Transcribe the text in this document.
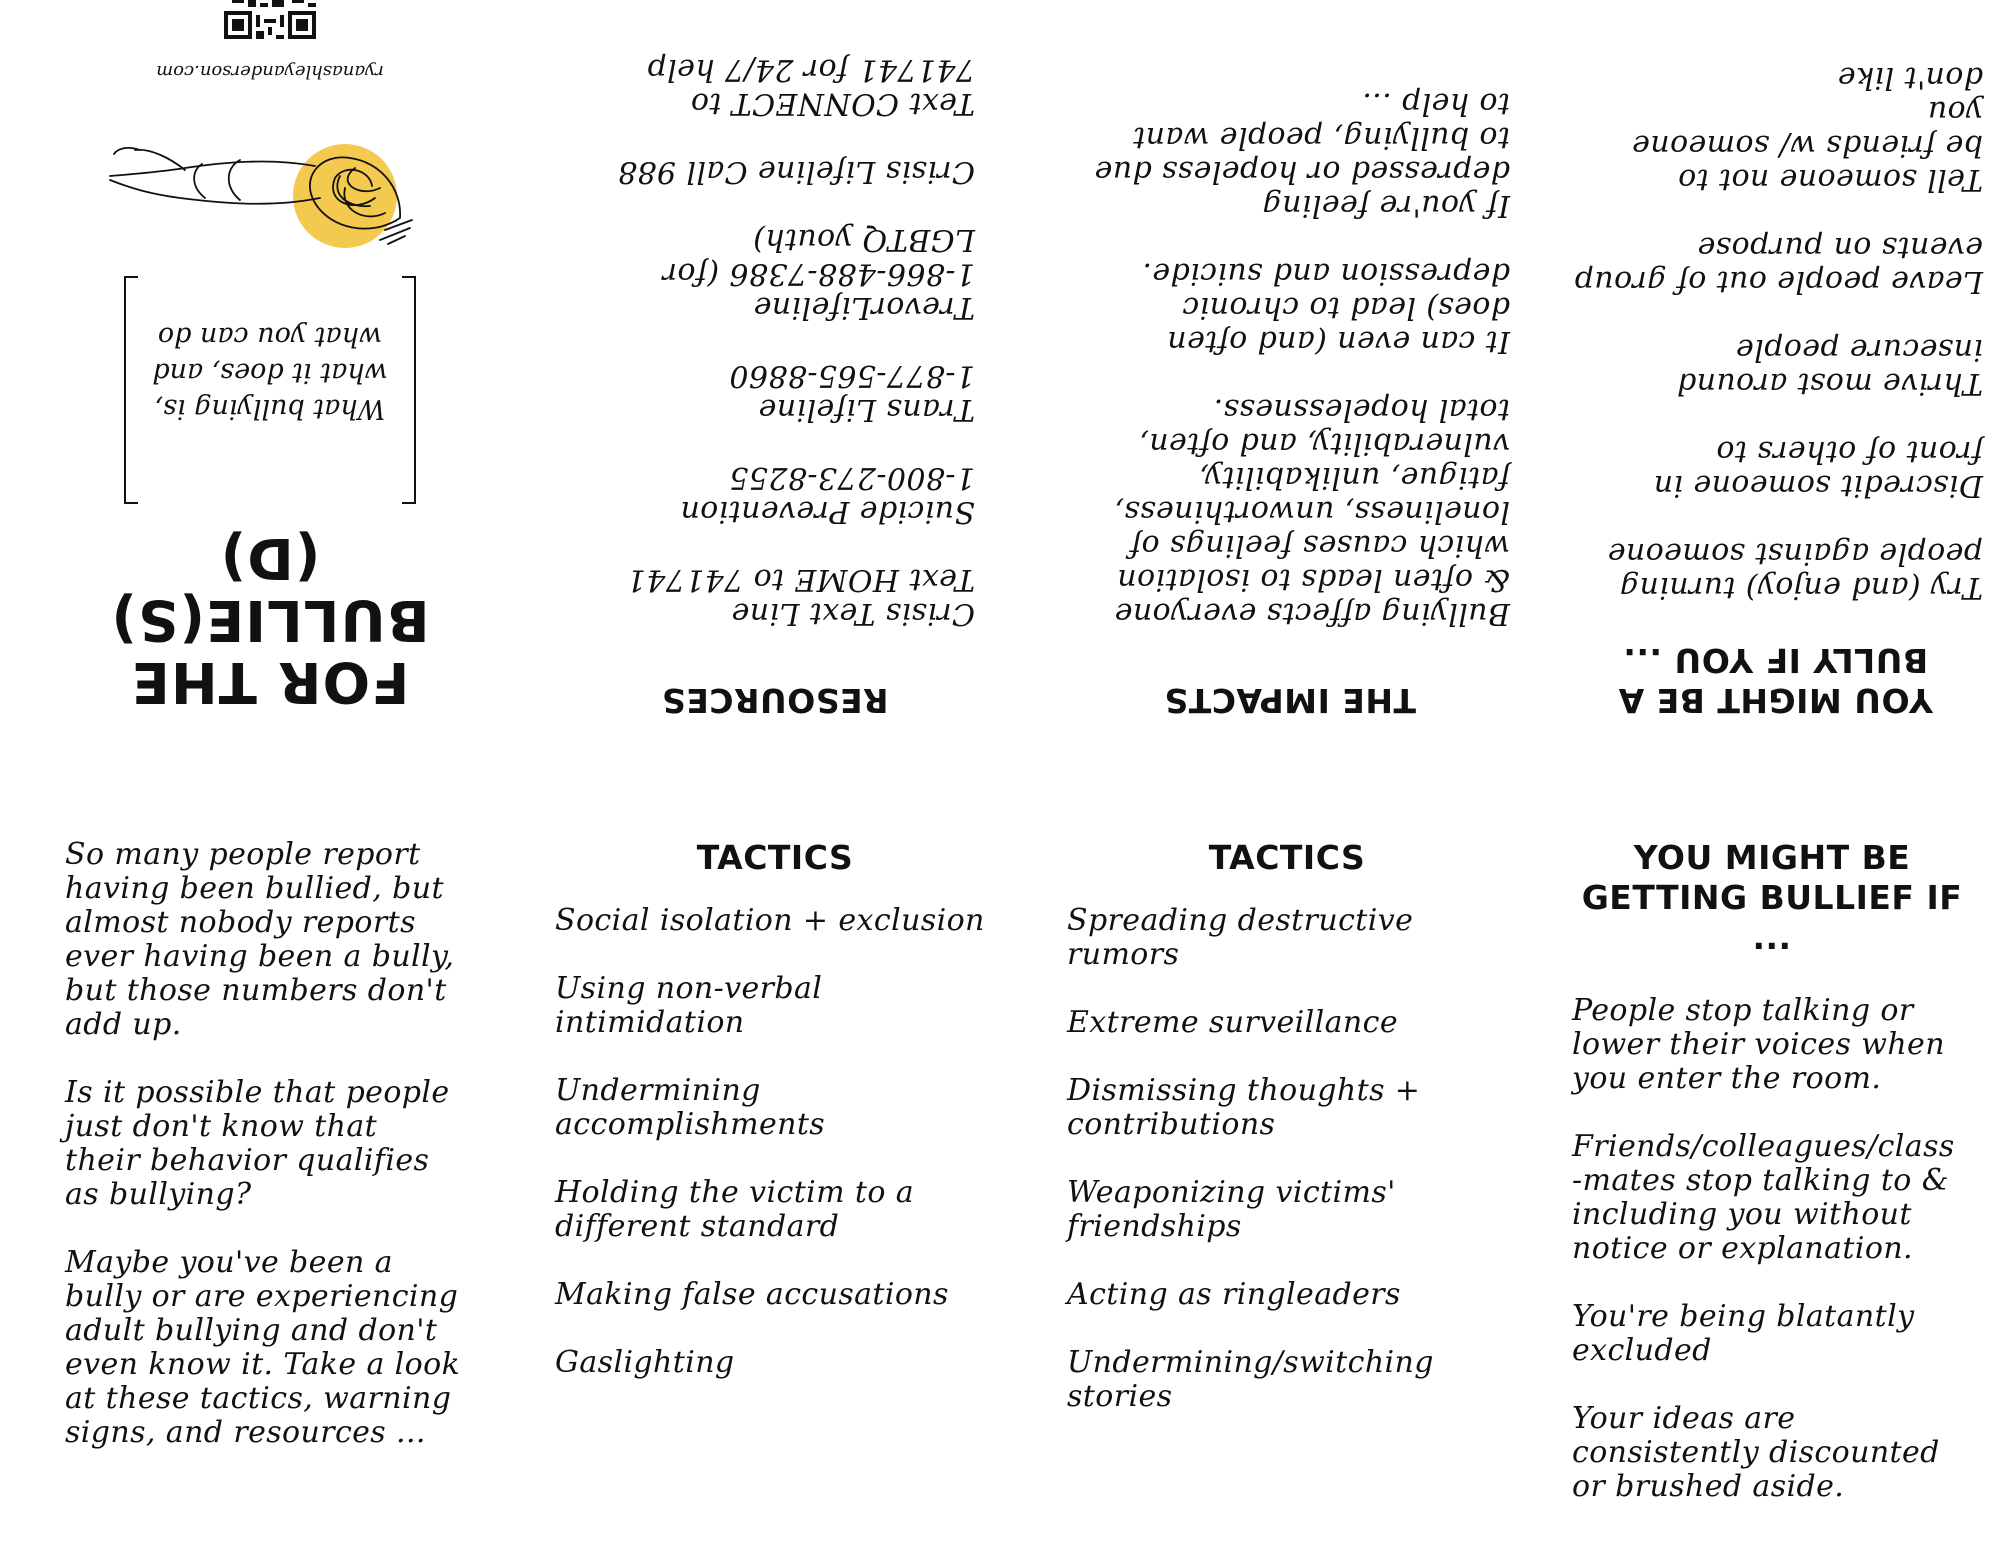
FOR THE
BULLIE(S)(D)

What bullying is,
what it does, and
what you can do

ryanashleyanderson.com
RESOURCES
Crisis Text Line
Text HOME to 741741
Suicide Prevention
1-800-273-8255
Trans Lifeline
1-877-565-8860
TrevorLifeline
1-866-488-7386 (for
LGBTQ youth)
Crisis Lifeline Call 988
Text CONNECT to
741741 for 24/7 help
THE IMPACTS
Bullying affects everyone
& often leads to isolation
which causes feelings of
loneliness, unworthiness,
fatigue, unlikability,
vulnerability, and often,
total hopelessness.
It can even (and often
does) lead to chronic
depression and suicide.
If you're feeling
depressed or hopeless due
to bullying, people want
to help ...
YOU MIGHT BE A
BULLY IF YOU ...
Try (and enjoy) turning
people against someone
Discredit someone in
front of others to
Thrive most around
insecure people
Leave people out of group
events on purpose
Tell someone not to
be friends w/ someone you
don't like
So many people report
having been bullied, but
almost nobody reports
ever having been a bully,
but those numbers don't
add up.
Is it possible that people
just don't know that
their behavior qualifies
as bullying?
Maybe you've been a
bully or are experiencing
adult bullying and don't
even know it. Take a look
at these tactics, warning
signs, and resources ...
TACTICS
Social isolation + exclusion
Using non-verbal
intimidation
Undermining
accomplishments
Holding the victim to a
different standard
Making false accusations
Gaslighting
TACTICS
Spreading destructive
rumors
Extreme surveillance
Dismissing thoughts +
contributions
Weaponizing victims'
friendships
Acting as ringleaders
Undermining/switching
stories
YOU MIGHT BE
GETTING BULLIEF IF ...
People stop talking or
lower their voices when
you enter the room.
Friends/colleagues/class
-mates stop talking to &
including you without
notice or explanation.
You're being blatantly
excluded
Your ideas are
consistently discounted
or brushed aside.
